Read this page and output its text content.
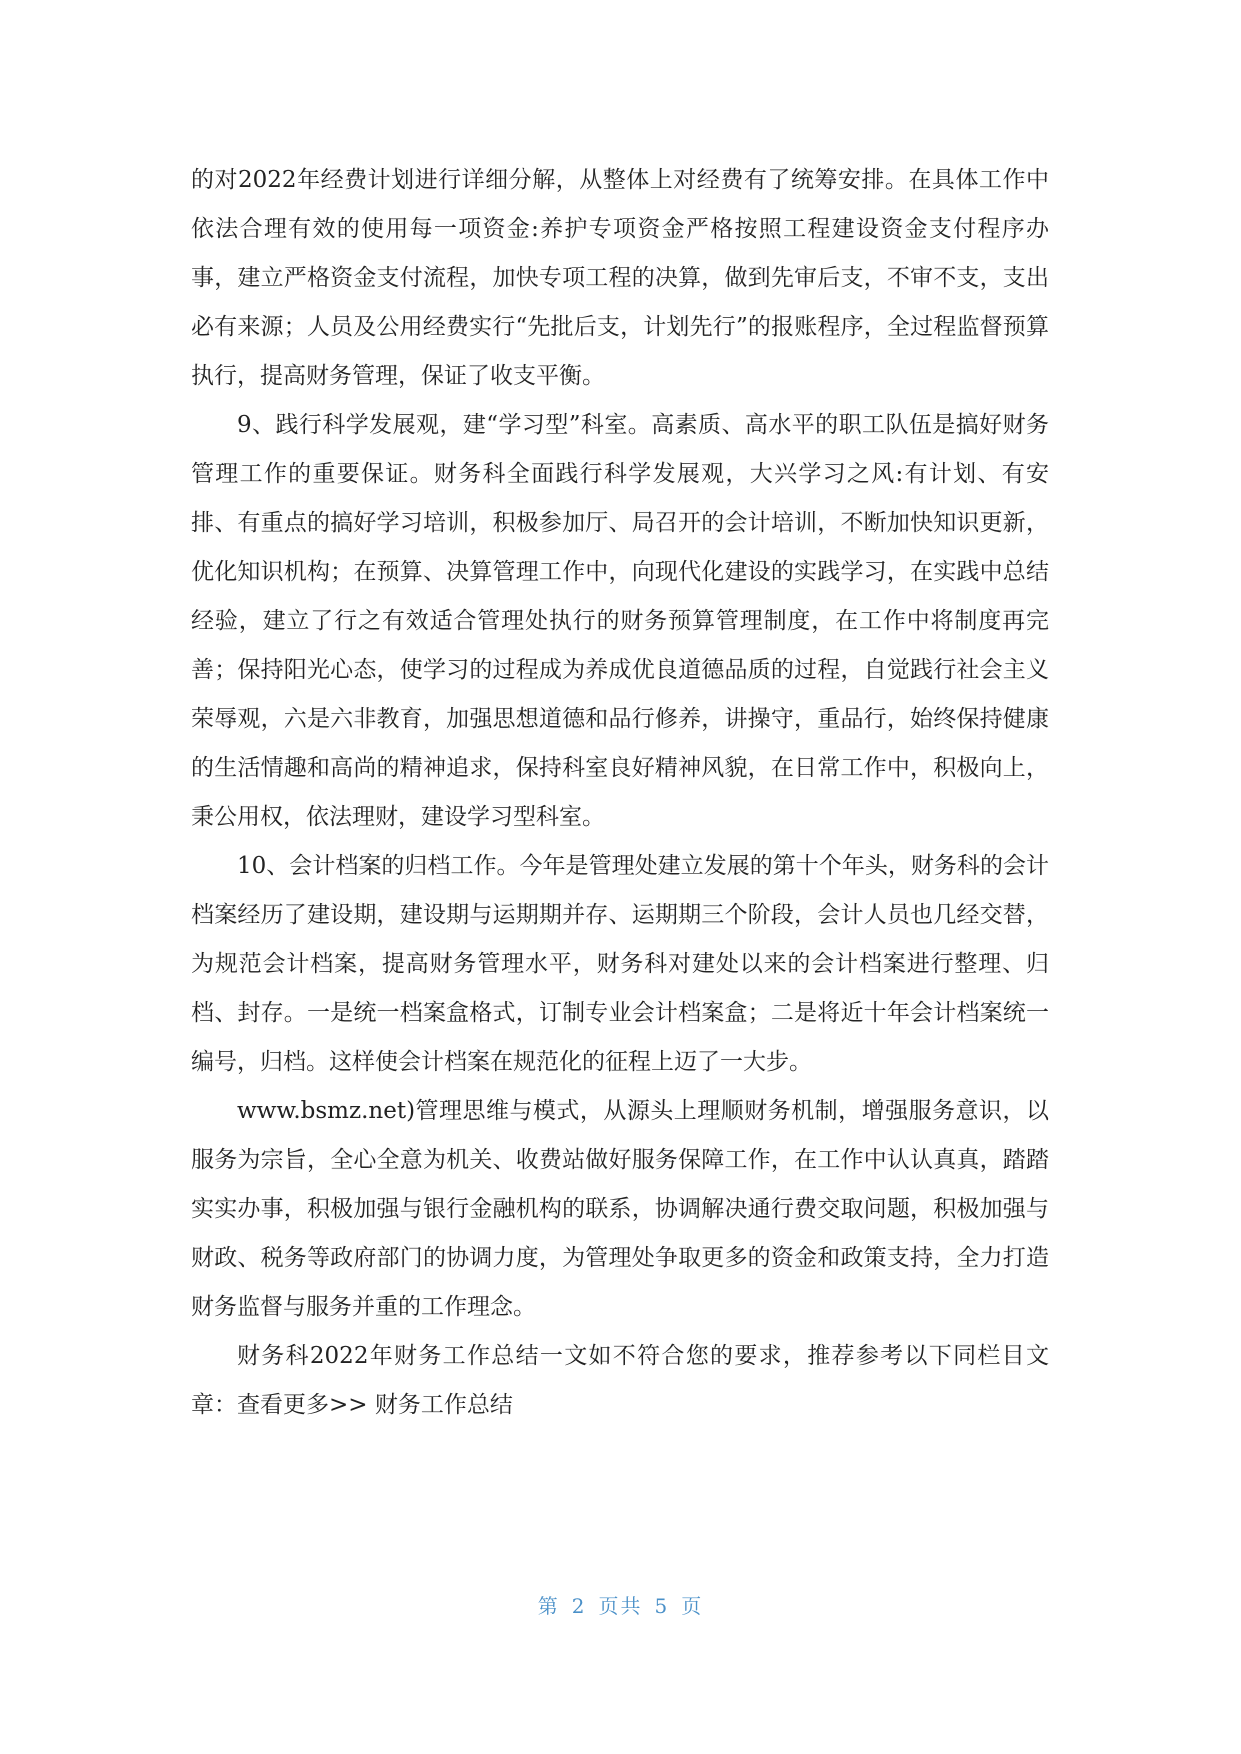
的对2022年经费计划进行详细分解，从整体上对经费有了统筹安排。在具体工作中依法合理有效的使用每一项资金:养护专项资金严格按照工程建设资金支付程序办事，建立严格资金支付流程，加快专项工程的决算，做到先审后支，不审不支，支出必有来源；人员及公用经费实行“先批后支，计划先行”的报账程序，全过程监督预算执行，提高财务管理，保证了收支平衡。

9、践行科学发展观，建“学习型”科室。高素质、高水平的职工队伍是搞好财务管理工作的重要保证。财务科全面践行科学发展观，大兴学习之风:有计划、有安排、有重点的搞好学习培训，积极参加厅、局召开的会计培训，不断加快知识更新，优化知识机构；在预算、决算管理工作中，向现代化建设的实践学习，在实践中总结经验，建立了行之有效适合管理处执行的财务预算管理制度，在工作中将制度再完善；保持阳光心态，使学习的过程成为养成优良道德品质的过程，自觉践行社会主义荣辱观，六是六非教育，加强思想道德和品行修养，讲操守，重品行，始终保持健康的生活情趣和高尚的精神追求，保持科室良好精神风貌，在日常工作中，积极向上，秉公用权，依法理财，建设学习型科室。

10、会计档案的归档工作。今年是管理处建立发展的第十个年头，财务科的会计档案经历了建设期，建设期与运期期并存、运期期三个阶段，会计人员也几经交替，为规范会计档案，提高财务管理水平，财务科对建处以来的会计档案进行整理、归档、封存。一是统一档案盒格式，订制专业会计档案盒；二是将近十年会计档案统一编号，归档。这样使会计档案在规范化的征程上迈了一大步。

www.bsmz.net)管理思维与模式，从源头上理顺财务机制，增强服务意识，以服务为宗旨，全心全意为机关、收费站做好服务保障工作，在工作中认认真真，踏踏实实办事，积极加强与银行金融机构的联系，协调解决通行费交取问题，积极加强与财政、税务等政府部门的协调力度，为管理处争取更多的资金和政策支持，全力打造财务监督与服务并重的工作理念。

财务科2022年财务工作总结一文如不符合您的要求，推荐参考以下同栏目文章：查看更多>> 财务工作总结

第 2 页共 5 页
